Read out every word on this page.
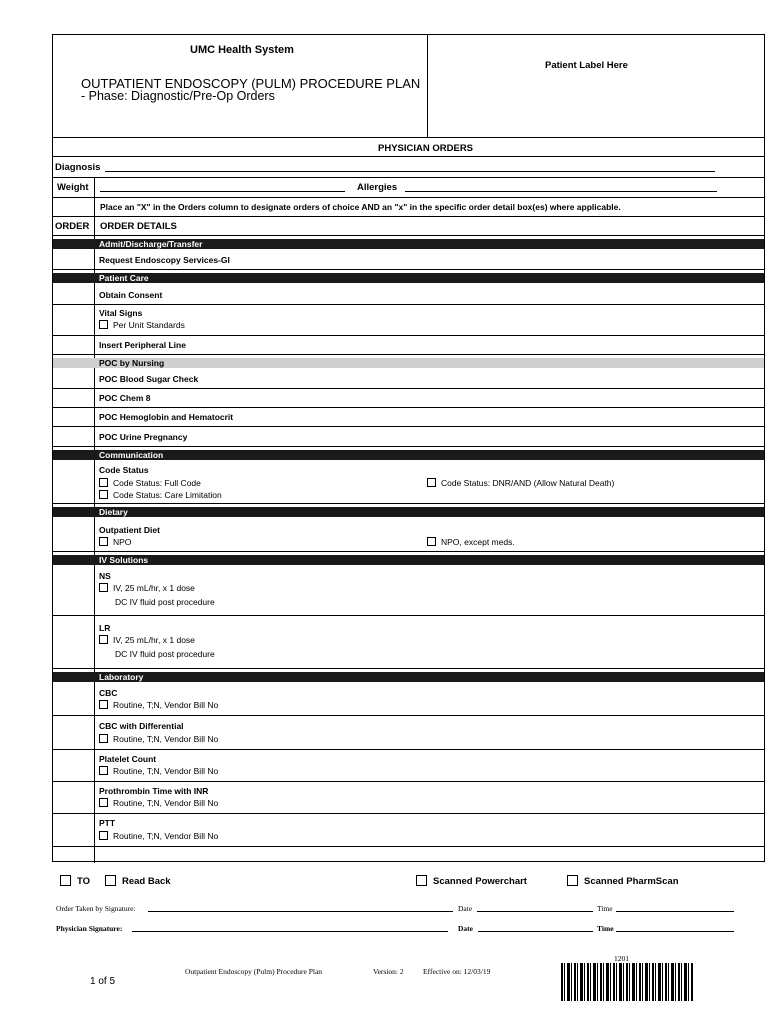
UMC Health System
OUTPATIENT ENDOSCOPY (PULM) PROCEDURE PLAN
- Phase: Diagnostic/Pre-Op Orders
Patient Label Here
PHYSICIAN ORDERS
Diagnosis
Weight	Allergies
Place an "X" in the Orders column to designate orders of choice AND an "x" in the specific order detail box(es) where applicable.
ORDER ORDER DETAILS
Admit/Discharge/Transfer
Request Endoscopy Services-GI
Patient Care
Obtain Consent
Vital Signs
Per Unit Standards
Insert Peripheral Line
POC by Nursing
POC Blood Sugar Check
POC Chem 8
POC Hemoglobin and Hematocrit
POC Urine Pregnancy
Communication
Code Status
Code Status: Full Code
Code Status: Care Limitation
Code Status: DNR/AND (Allow Natural Death)
Dietary
Outpatient Diet
NPO	NPO, except meds.
IV Solutions
NS
IV, 25 mL/hr, x 1 dose
DC IV fluid post procedure
LR
IV, 25 mL/hr, x 1 dose
DC IV fluid post procedure
Laboratory
CBC
Routine, T;N, Vendor Bill No
CBC with Differential
Routine, T;N, Vendor Bill No
Platelet Count
Routine, T;N, Vendor Bill No
Prothrombin Time with INR
Routine, T;N, Vendor Bill No
PTT
Routine, T;N, Vendor Bill No
TO	Read Back	Scanned Powerchart	Scanned PharmScan
Order Taken by Signature:	Date	Time
Physician Signature:	Date	Time
1 of 5
Outpatient Endoscopy (Pulm) Procedure Plan	Version: 2	Effective on: 12/03/19
1201
